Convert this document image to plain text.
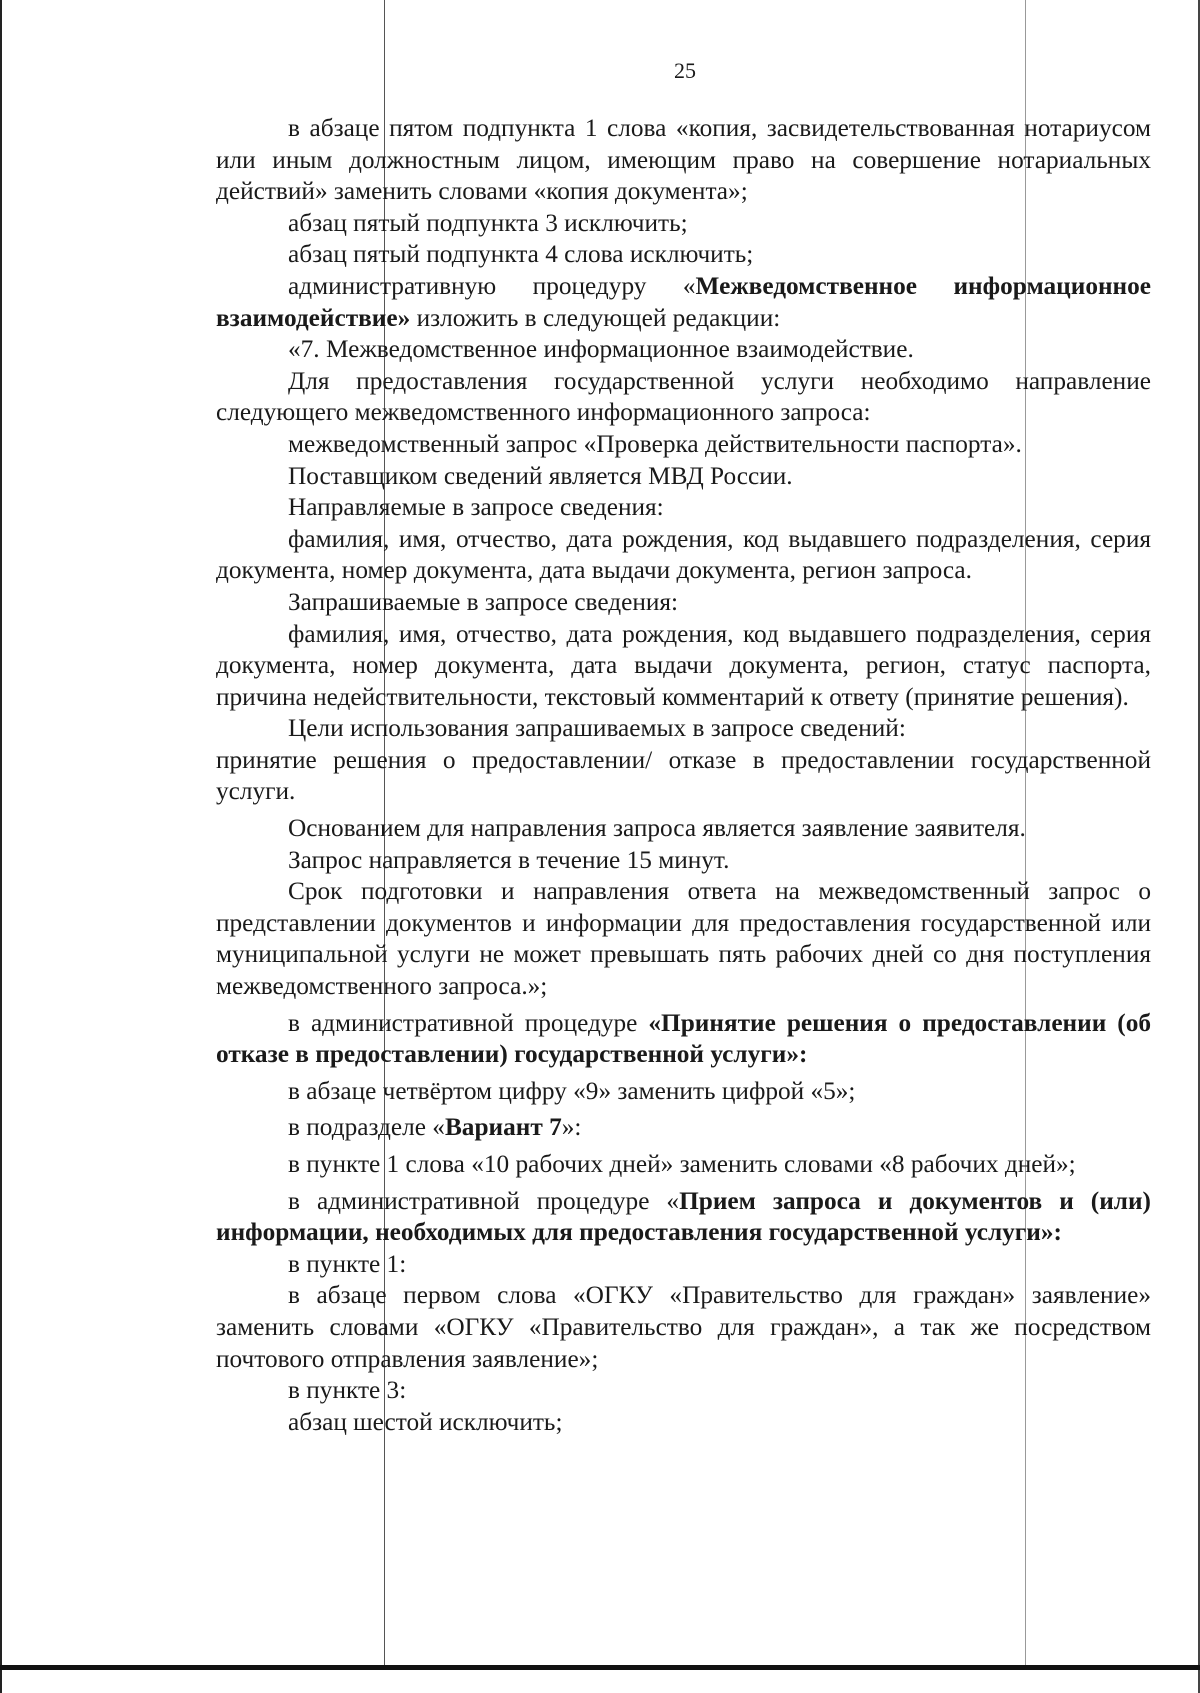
25

в абзаце пятом подпункта 1 слова «копия, засвидетельствованная нотариусом или иным должностным лицом, имеющим право на совершение нотариальных действий» заменить словами «копия документа»;

абзац пятый подпункта 3 исключить;

абзац пятый подпункта 4 слова исключить;

административную процедуру «Межведомственное информационное взаимодействие» изложить в следующей редакции:

«7. Межведомственное информационное взаимодействие.

Для предоставления государственной услуги необходимо направление следующего межведомственного информационного запроса:

межведомственный запрос «Проверка действительности паспорта».

Поставщиком сведений является МВД России.

Направляемые в запросе сведения:

фамилия, имя, отчество, дата рождения, код выдавшего подразделения, серия документа, номер документа, дата выдачи документа, регион запроса.

Запрашиваемые в запросе сведения:

фамилия, имя, отчество, дата рождения, код выдавшего подразделения, серия документа, номер документа, дата выдачи документа, регион, статус паспорта, причина недействительности, текстовый комментарий к ответу (принятие решения).

Цели использования запрашиваемых в запросе сведений:

принятие решения о предоставлении/ отказе в предоставлении государственной услуги.

Основанием для направления запроса является заявление заявителя.

Запрос направляется в течение 15 минут.

Срок подготовки и направления ответа на межведомственный запрос о представлении документов и информации для предоставления государственной или муниципальной услуги не может превышать пять рабочих дней со дня поступления межведомственного запроса.»;

в административной процедуре «Принятие решения о предоставлении (об отказе в предоставлении) государственной услуги»:

в абзаце четвёртом цифру «9» заменить цифрой «5»;

в подразделе «Вариант 7»:

в пункте 1 слова «10 рабочих дней» заменить словами «8 рабочих дней»;

в административной процедуре «Прием запроса и документов и (или) информации, необходимых для предоставления государственной услуги»:

в пункте 1:

в абзаце первом слова «ОГКУ «Правительство для граждан» заявление» заменить словами «ОГКУ «Правительство для граждан», а так же посредством почтового отправления заявление»;

в пункте 3:

абзац шестой исключить;
